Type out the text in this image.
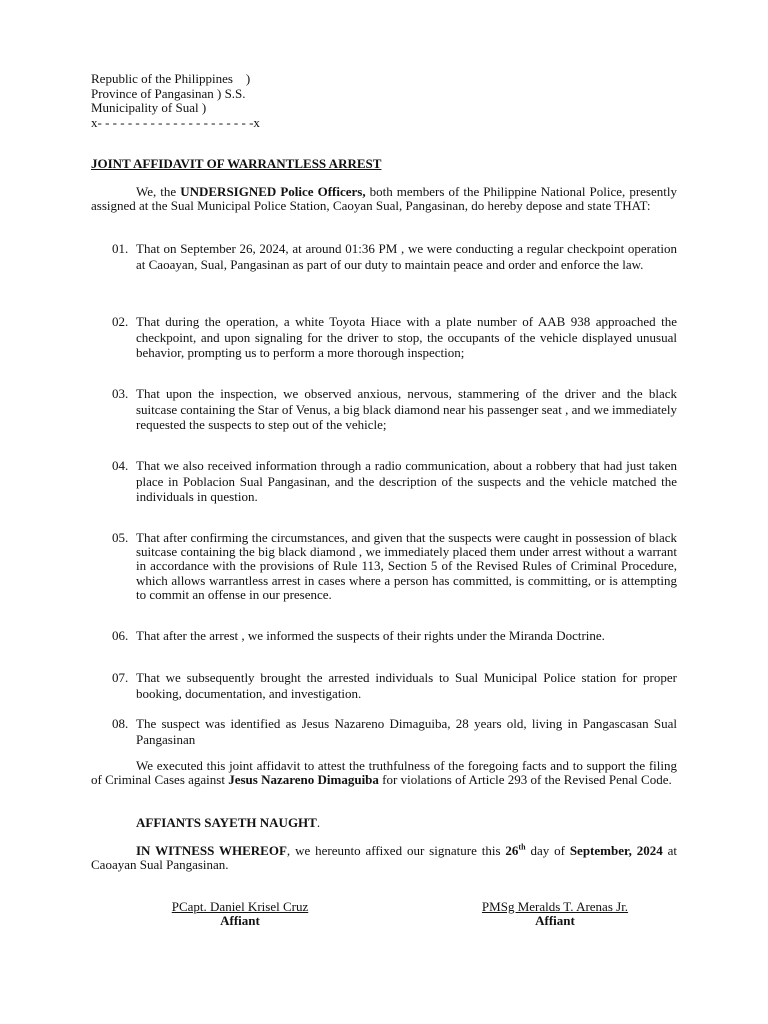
Republic of the Philippines    )
Province of Pangasinan ) S.S.
Municipality of Sual )
x- - - - - - - - - - - - - - - - - - - - -x
JOINT AFFIDAVIT OF WARRANTLESS ARREST
We, the UNDERSIGNED Police Officers, both members of the Philippine National Police, presently assigned at the Sual Municipal Police Station, Caoyan Sual, Pangasinan, do hereby depose and state THAT:
01. That on September 26, 2024, at around 01:36 PM , we were conducting a regular checkpoint operation at Caoayan, Sual, Pangasinan as part of our duty to maintain peace and order and enforce the law.
02. That during the operation, a white Toyota Hiace with a plate number of AAB 938 approached the checkpoint, and upon signaling for the driver to stop, the occupants of the vehicle displayed unusual behavior, prompting us to perform a more thorough inspection;
03. That upon the inspection, we observed anxious, nervous, stammering of the driver and the black suitcase containing the Star of Venus, a big black diamond near his passenger seat , and we immediately requested the suspects to step out of the vehicle;
04. That we also received information through a radio communication, about a robbery that had just taken place in Poblacion Sual Pangasinan, and the description of the suspects and the vehicle matched the individuals in question.
05. That after confirming the circumstances, and given that the suspects were caught in possession of black suitcase containing the big black diamond , we immediately placed them under arrest without a warrant in accordance with the provisions of Rule 113, Section 5 of the Revised Rules of Criminal Procedure, which allows warrantless arrest in cases where a person has committed, is committing, or is attempting to commit an offense in our presence.
06. That after the arrest , we informed the suspects of their rights under the Miranda Doctrine.
07. That we subsequently brought the arrested individuals to Sual Municipal Police station for proper booking, documentation, and investigation.
08. The suspect was identified as Jesus Nazareno Dimaguiba, 28 years old, living in Pangascasan Sual Pangasinan
We executed this joint affidavit to attest the truthfulness of the foregoing facts and to support the filing of Criminal Cases against Jesus Nazareno Dimaguiba for violations of Article 293 of the Revised Penal Code.
AFFIANTS SAYETH NAUGHT.
IN WITNESS WHEREOF, we hereunto affixed our signature this 26th day of September, 2024 at Caoayan Sual Pangasinan.
PCapt. Daniel Krisel Cruz
Affiant
PMSg Meralds T. Arenas Jr.
Affiant
